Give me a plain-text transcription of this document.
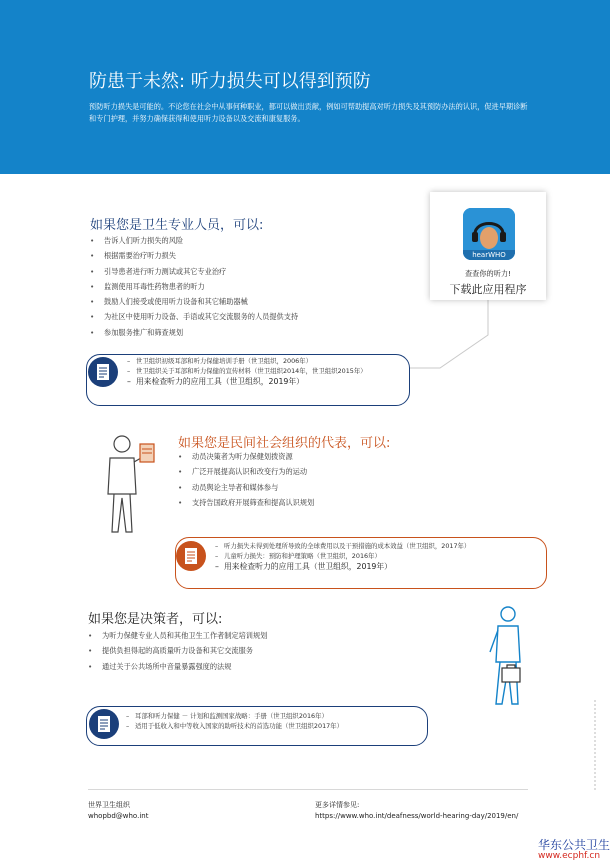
防患于未然: 听力损失可以得到预防
预防听力损失是可能的。不论您在社会中从事何种职业，都可以做出贡献，例如可帮助提高对听力损失及其预防办法的认识，促进早期诊断和专门护理，并努力确保获得和使用听力设备以及交流和康复服务。
hearWHO
查查你的听力!
下载此应用程序
如果您是卫生专业人员，可以:
• 告诉人们听力损失的风险
• 根据需要治疗听力损失
• 引导患者进行听力测试或其它专业治疗
• 监测使用耳毒性药物患者的听力
• 鼓励人们接受或使用听力设备和其它辅助器械
• 为社区中使用听力设备、手语或其它交流服务的人员提供支持
• 参加服务推广和筛查规划
– 世卫组织初级耳部和听力保健培训手册（世卫组织，2006年）
– 世卫组织关于耳部和听力保健的宣传材料（世卫组织2014年，世卫组织2015年）
– 用来检查听力的应用工具（世卫组织，2019年）
如果您是民间社会组织的代表，可以:
• 动员决策者为听力保健划拨资源
• 广泛开展提高认识和改变行为的运动
• 动员舆论主导者和媒体参与
• 支持告国政府开展筛查和提高认识规划
– 听力损失未得到处理所导致的全球费用以及干预措施的成本效益（世卫组织，2017年）
– 儿童听力损失：预防和护理策略（世卫组织，2016年）
– 用来检查听力的应用工具（世卫组织，2019年）
如果您是决策者，可以:
• 为听力保健专业人员和其他卫生工作者制定培训规划
• 提供负担得起的高质量听力设备和其它交流服务
• 通过关于公共场所中音量暴露强度的法规
– 耳部和听力保健 － 计划和监测国家战略：手册（世卫组织2016年）
– 适用于低收入和中等收入国家的助听技术的首选功能（世卫组织2017年）
世界卫生组织
whopbd@who.int
更多详情参见:
https://www.who.int/deafness/world-hearing-day/2019/en/
华东公共卫生
www.ecphf.cn
